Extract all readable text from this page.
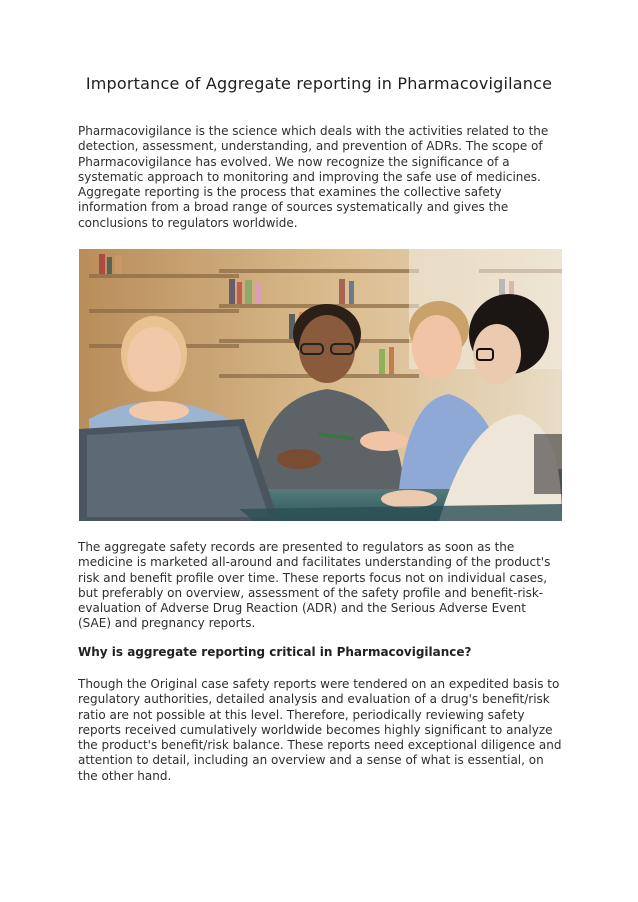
Importance of Aggregate reporting in Pharmacovigilance

Pharmacovigilance is the science which deals with the activities related to the detection, assessment, understanding, and prevention of ADRs. The scope of Pharmacovigilance has evolved. We now recognize the significance of a systematic approach to monitoring and improving the safe use of medicines. Aggregate reporting is the process that examines the collective safety information from a broad range of sources systematically and gives the conclusions to regulators worldwide.

The aggregate safety records are presented to regulators as soon as the medicine is marketed all-around and facilitates understanding of the product's risk and benefit profile over time. These reports focus not on individual cases, but preferably on overview, assessment of the safety profile and benefit-risk-evaluation of Adverse Drug Reaction (ADR) and the Serious Adverse Event (SAE) and pregnancy reports.

Why is aggregate reporting critical in Pharmacovigilance?

Though the Original case safety reports were tendered on an expedited basis to regulatory authorities, detailed analysis and evaluation of a drug's benefit/risk ratio are not possible at this level. Therefore, periodically reviewing safety reports received cumulatively worldwide becomes highly significant to analyze the product's benefit/risk balance. These reports need exceptional diligence and attention to detail, including an overview and a sense of what is essential, on the other hand.
